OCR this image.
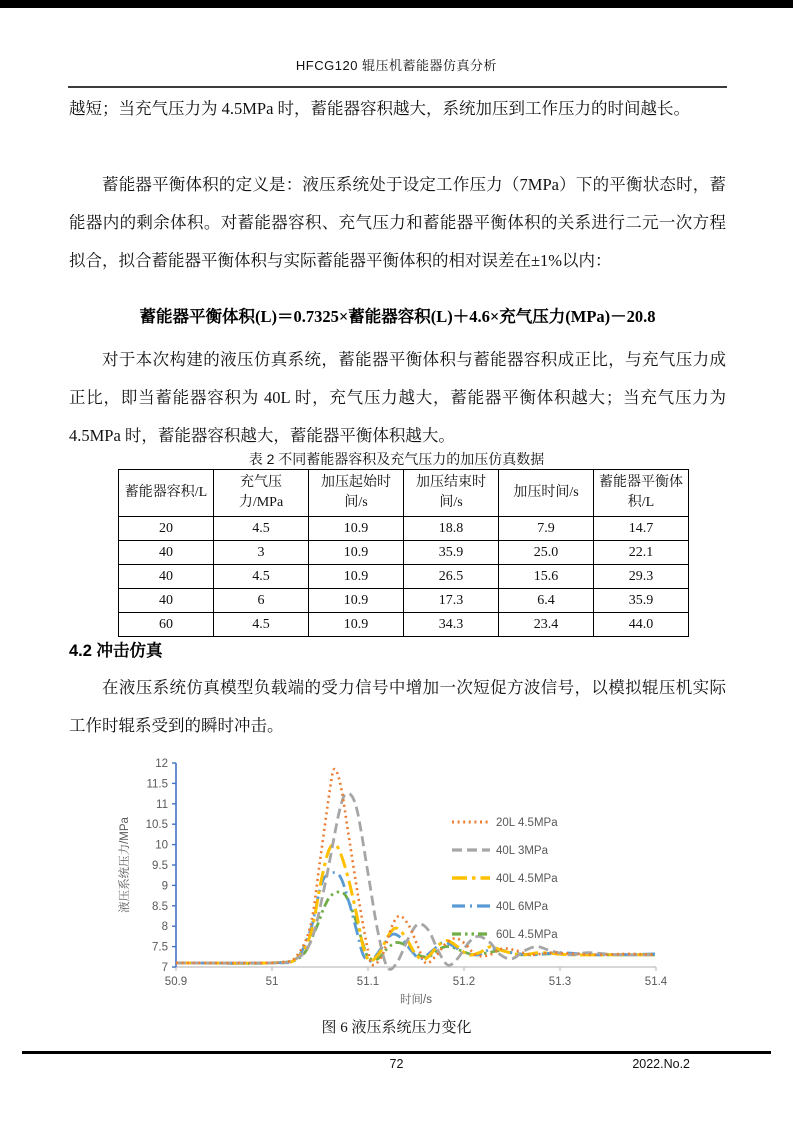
HFCG120 辊压机蓄能器仿真分析
越短；当充气压力为 4.5MPa 时，蓄能器容积越大，系统加压到工作压力的时间越长。
蓄能器平衡体积的定义是：液压系统处于设定工作压力（7MPa）下的平衡状态时，蓄能器内的剩余体积。对蓄能器容积、充气压力和蓄能器平衡体积的关系进行二元一次方程拟合，拟合蓄能器平衡体积与实际蓄能器平衡体积的相对误差在±1%以内：
蓄能器平衡体积(L)＝0.7325×蓄能器容积(L)＋4.6×充气压力(MPa)－20.8
对于本次构建的液压仿真系统，蓄能器平衡体积与蓄能器容积成正比，与充气压力成正比，即当蓄能器容积为 40L 时，充气压力越大，蓄能器平衡体积越大；当充气压力为 4.5MPa 时，蓄能器容积越大，蓄能器平衡体积越大。
表 2 不同蓄能器容积及充气压力的加压仿真数据
蓄能器容积/L	充气压力/MPa	加压起始时间/s	加压结束时间/s	加压时间/s	蓄能器平衡体积/L
20	4.5	10.9	18.8	7.9	14.7
40	3	10.9	35.9	25.0	22.1
40	4.5	10.9	26.5	15.6	29.3
40	6	10.9	17.3	6.4	35.9
60	4.5	10.9	34.3	23.4	44.0
4.2 冲击仿真
在液压系统仿真模型负载端的受力信号中增加一次短促方波信号，以模拟辊压机实际工作时辊系受到的瞬时冲击。
50.9	51	51.1	51.2	51.3	51.4
7
7.5
8
8.5
9
9.5
10
10.5
11
11.5
12
液压系统压力/MPa
时间/s
20L 4.5MPa
40L 3MPa
40L 4.5MPa
40L 6MPa
60L 4.5MPa
图 6 液压系统压力变化
72	2022.No.2
